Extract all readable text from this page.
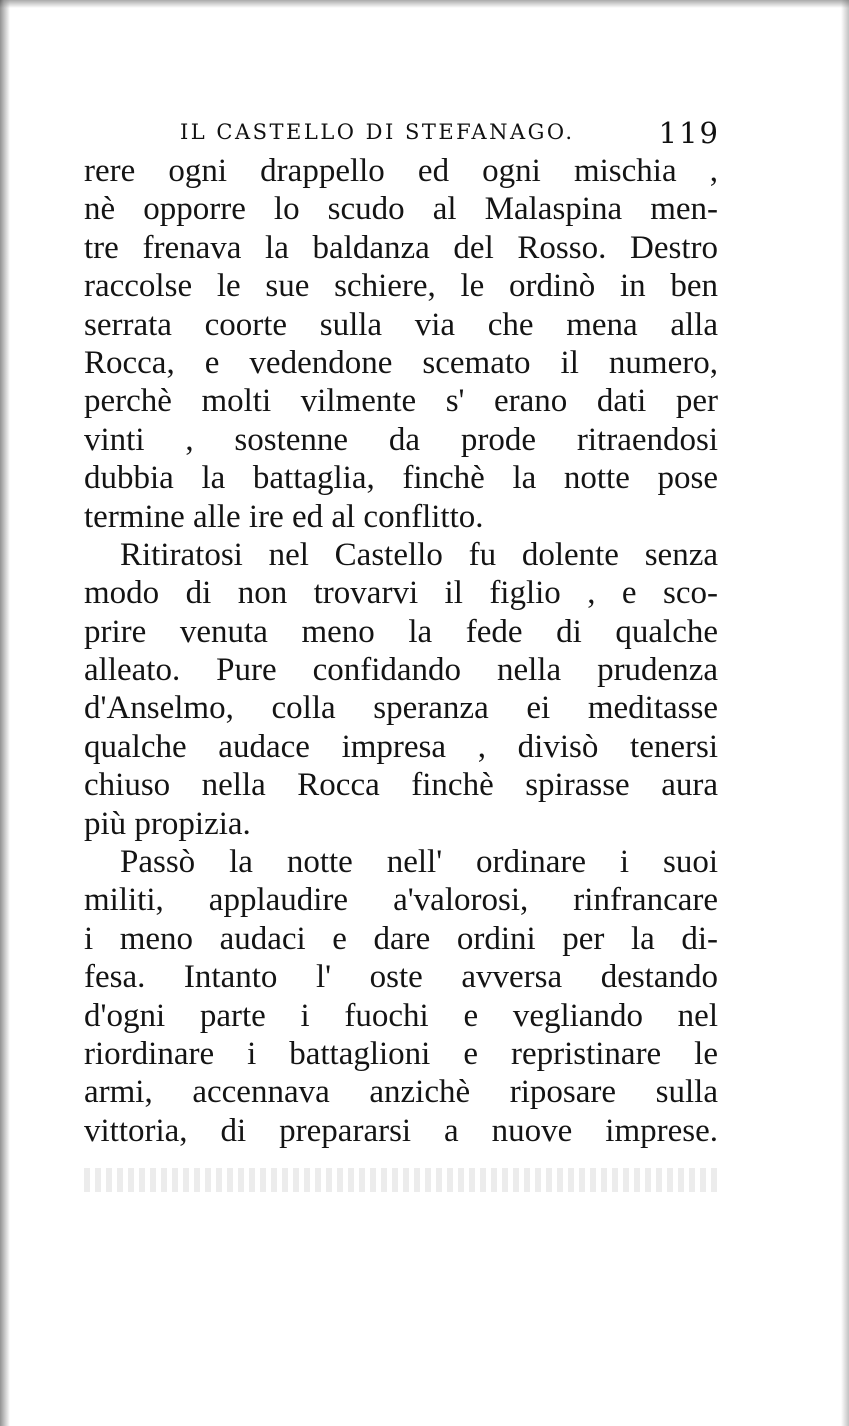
IL CASTELLO DI STEFANAGO.	119
rere ogni drappello ed ogni mischia ,
nè opporre lo scudo al Malaspina men-
tre frenava la baldanza del Rosso. Destro
raccolse le sue schiere, le ordinò in ben
serrata coorte sulla via che mena alla
Rocca, e vedendone scemato il numero,
perchè molti vilmente s' erano dati per
vinti , sostenne da prode ritraendosi
dubbia la battaglia, finchè la notte pose
termine alle ire ed al conflitto.
Ritiratosi nel Castello fu dolente senza
modo di non trovarvi il figlio , e sco-
prire venuta meno la fede di qualche
alleato. Pure confidando nella prudenza
d'Anselmo, colla speranza ei meditasse
qualche audace impresa , divisò tenersi
chiuso nella Rocca finchè spirasse aura
più propizia.
Passò la notte nell' ordinare i suoi
militi, applaudire a'valorosi, rinfrancare
i meno audaci e dare ordini per la di-
fesa. Intanto l' oste avversa destando
d'ogni parte i fuochi e vegliando nel
riordinare i battaglioni e repristinare le
armi, accennava anzichè riposare sulla
vittoria, di prepararsi a nuove imprese.
